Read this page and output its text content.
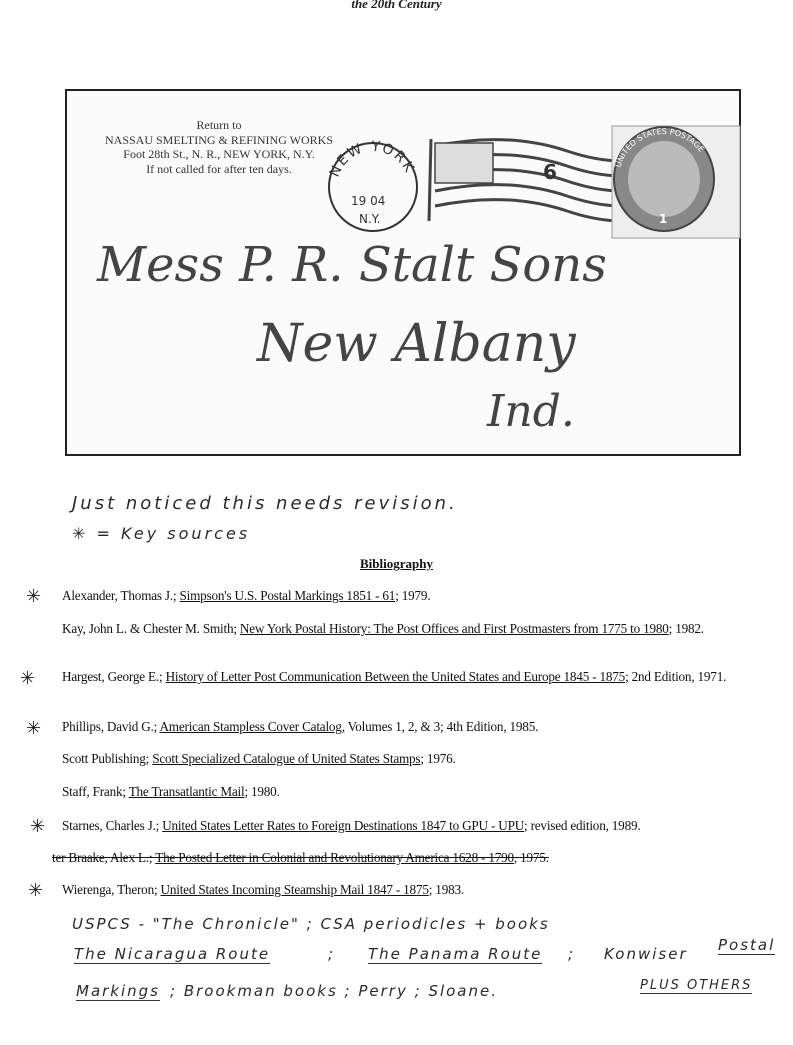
the 20th Century
Return to
NASSAU SMELTING & REFINING WORKS
Foot 28th St., N. R., NEW YORK, N.Y.
If not called for after ten days.	NEW YORK
19 04
N.Y.
6	UNITED STATES POSTAGE
1
Mess P. R. Stalt Sons
New Albany
Ind.
Just noticed this needs revision.
✳ = Key sources
Bibliography
✳ Alexander, Thomas J.; Simpson's U.S. Postal Markings 1851 - 61; 1979.
Kay, John L. & Chester M. Smith; New York Postal History: The Post Offices and First Postmasters from 1775 to 1980; 1982.
✳ Hargest, George E.; History of Letter Post Communication Between the United States and Europe 1845 - 1875; 2nd Edition, 1971.
✳ Phillips, David G.; American Stampless Cover Catalog, Volumes 1, 2, & 3; 4th Edition, 1985.
Scott Publishing; Scott Specialized Catalogue of United States Stamps; 1976.
Staff, Frank; The Transatlantic Mail; 1980.
✳ Starnes, Charles J.; United States Letter Rates to Foreign Destinations 1847 to GPU - UPU; revised edition, 1989.
ter Braake, Alex L.; The Posted Letter in Colonial and Revolutionary America 1628 - 1790, 1975.
✳ Wierenga, Theron; United States Incoming Steamship Mail 1847 - 1875; 1983.
USPCS - "The Chronicle" ; CSA periodicles + books
The Nicaragua Route	; The Panama Route ; Konwiser Postal
Markings ; Brookman books ; Perry ; Sloane.	PLUS OTHERS
